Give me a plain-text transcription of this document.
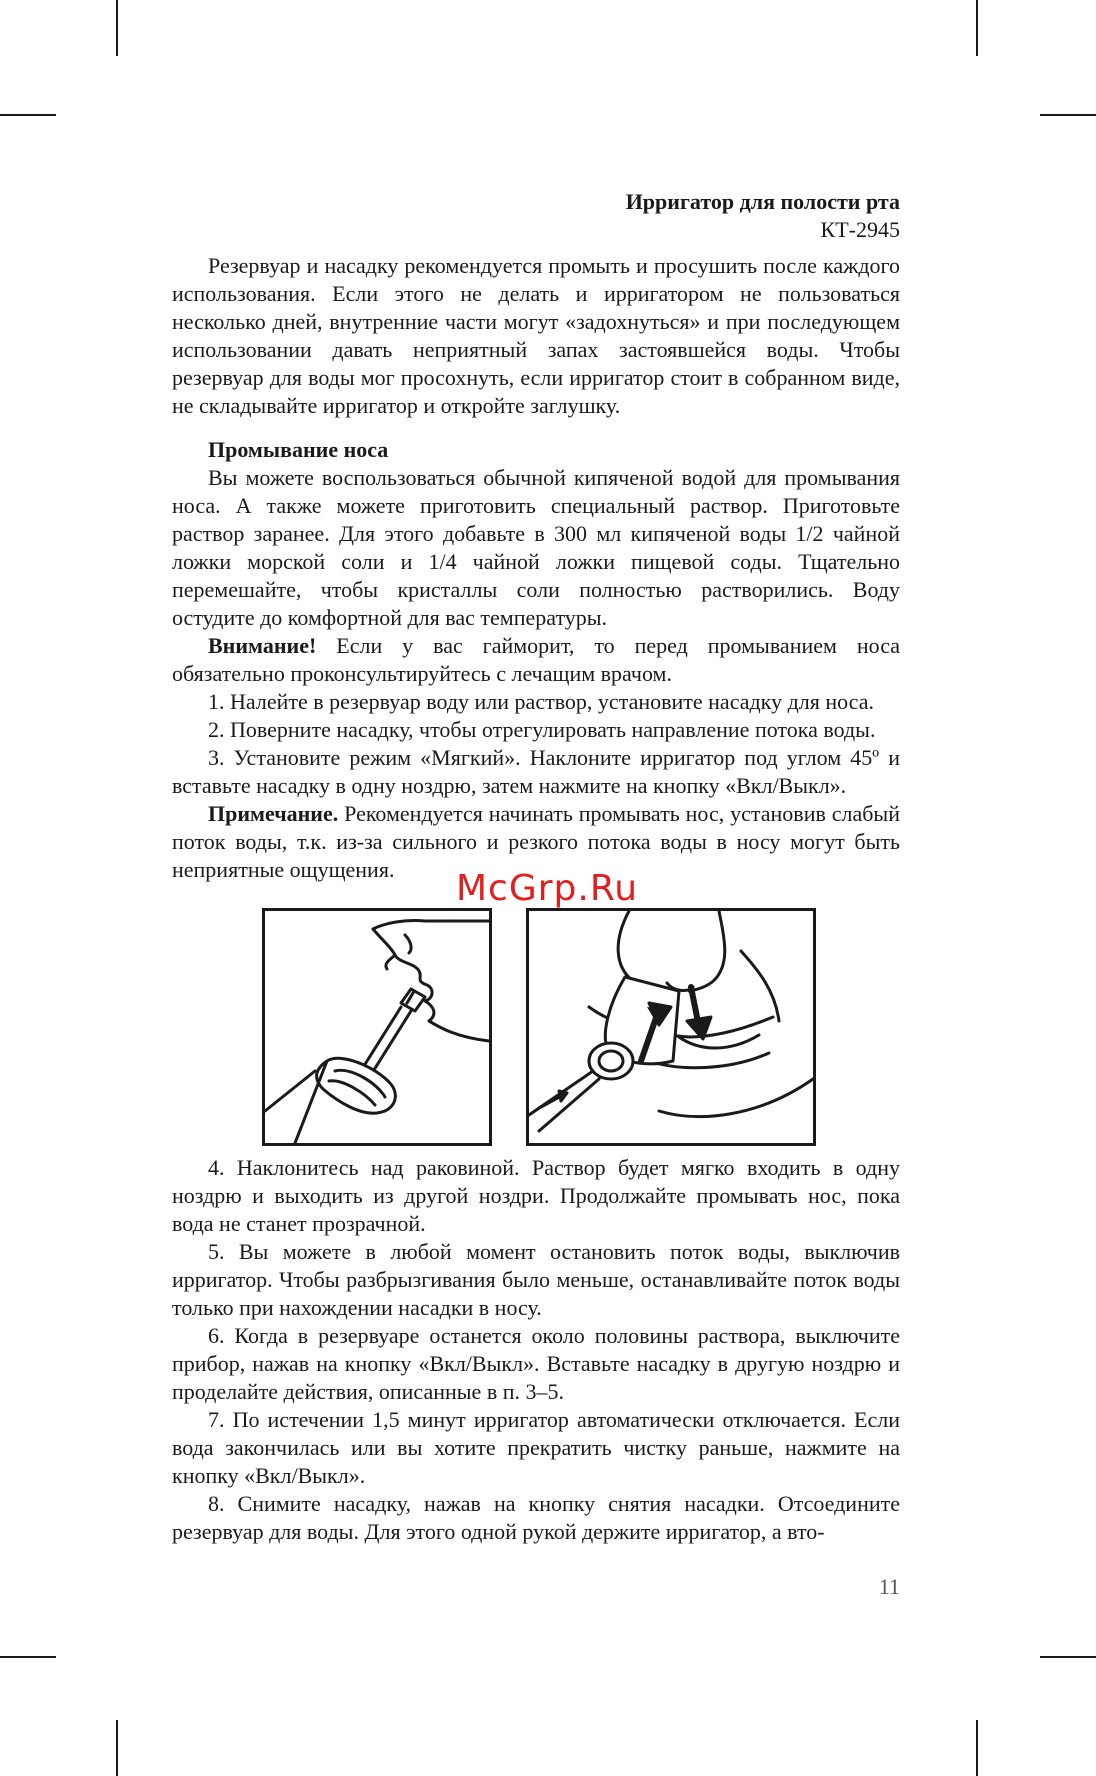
Ирригатор для полости рта
КТ-2945

Резервуар и насадку рекомендуется промыть и просушить после каждого использования. Если этого не делать и ирригатором не пользоваться несколько дней, внутренние части могут «задохнуться» и при последующем использовании давать неприятный запах застоявшейся воды. Чтобы резервуар для воды мог просохнуть, если ирригатор стоит в собранном виде, не складывайте ирригатор и откройте заглушку.

Промывание носа

Вы можете воспользоваться обычной кипяченой водой для промывания носа. А также можете приготовить специальный раствор. Приготовьте раствор заранее. Для этого добавьте в 300 мл кипяченой воды 1/2 чайной ложки морской соли и 1/4 чайной ложки пищевой соды. Тщательно перемешайте, чтобы кристаллы соли полностью растворились. Воду остудите до комфортной для вас температуры.

Внимание! Если у вас гайморит, то перед промыванием носа обязательно проконсультируйтесь с лечащим врачом.

1. Налейте в резервуар воду или раствор, установите насадку для носа.

2. Поверните насадку, чтобы отрегулировать направление потока воды.

3. Установите режим «Мягкий». Наклоните ирригатор под углом 45º и вставьте насадку в одну ноздрю, затем нажмите на кнопку «Вкл/Выкл».

Примечание. Рекомендуется начинать промывать нос, установив слабый поток воды, т.к. из-за сильного и резкого потока воды в носу могут быть неприятные ощущения.	McGrp.Ru

4. Наклонитесь над раковиной. Раствор будет мягко входить в одну ноздрю и выходить из другой ноздри. Продолжайте промывать нос, пока вода не станет прозрачной.

5. Вы можете в любой момент остановить поток воды, выключив ирригатор. Чтобы разбрызгивания было меньше, останавливайте поток воды только при нахождении насадки в носу.

6. Когда в резервуаре останется около половины раствора, выключите прибор, нажав на кнопку «Вкл/Выкл». Вставьте насадку в другую ноздрю и проделайте действия, описанные в п. 3–5.

7. По истечении 1,5 минут ирригатор автоматически отключается. Если вода закончилась или вы хотите прекратить чистку раньше, нажмите на кнопку «Вкл/Выкл».

8. Снимите насадку, нажав на кнопку снятия насадки. Отсоедините резервуар для воды. Для этого одной рукой держите ирригатор, а вто-

11
